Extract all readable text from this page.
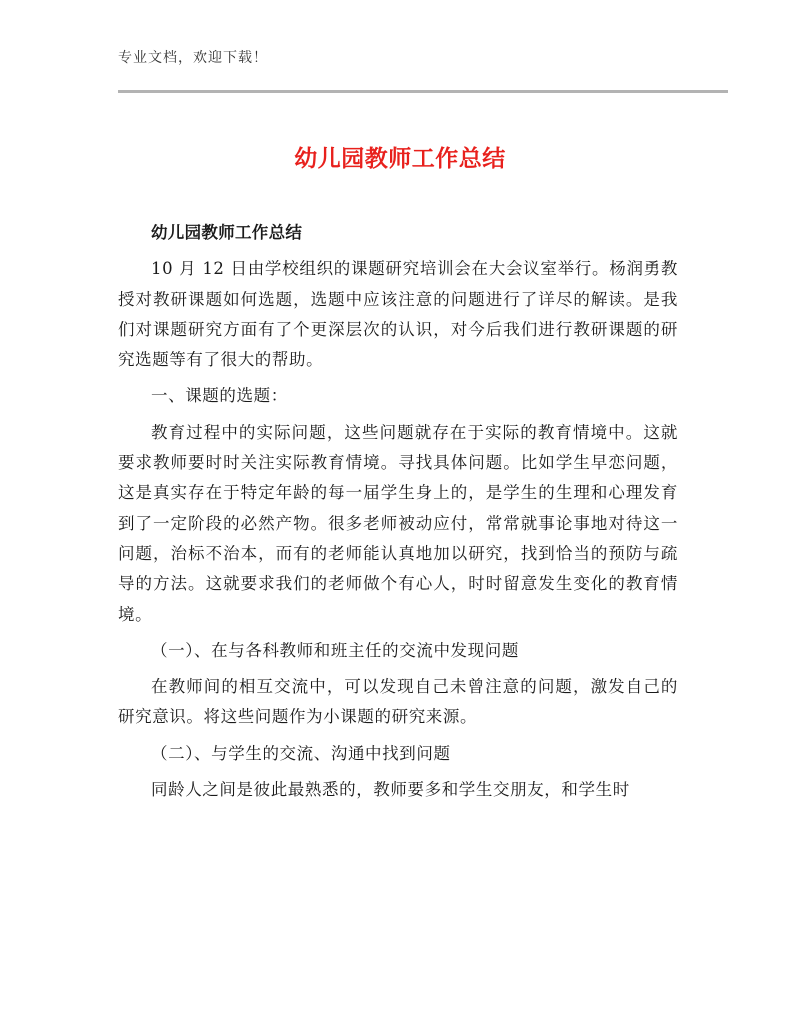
专业文档，欢迎下载！
幼儿园教师工作总结

幼儿园教师工作总结

10 月 12 日由学校组织的课题研究培训会在大会议室举行。杨润勇教授对教研课题如何选题，选题中应该注意的问题进行了详尽的解读。是我们对课题研究方面有了个更深层次的认识，对今后我们进行教研课题的研究选题等有了很大的帮助。

一、课题的选题：

教育过程中的实际问题，这些问题就存在于实际的教育情境中。这就要求教师要时时关注实际教育情境。寻找具体问题。比如学生早恋问题，这是真实存在于特定年龄的每一届学生身上的，是学生的生理和心理发育到了一定阶段的必然产物。很多老师被动应付，常常就事论事地对待这一问题，治标不治本，而有的老师能认真地加以研究，找到恰当的预防与疏导的方法。这就要求我们的老师做个有心人，时时留意发生变化的教育情境。

（一）、在与各科教师和班主任的交流中发现问题

在教师间的相互交流中，可以发现自己未曾注意的问题，激发自己的研究意识。将这些问题作为小课题的研究来源。

（二）、与学生的交流、沟通中找到问题

同龄人之间是彼此最熟悉的，教师要多和学生交朋友，和学生时
